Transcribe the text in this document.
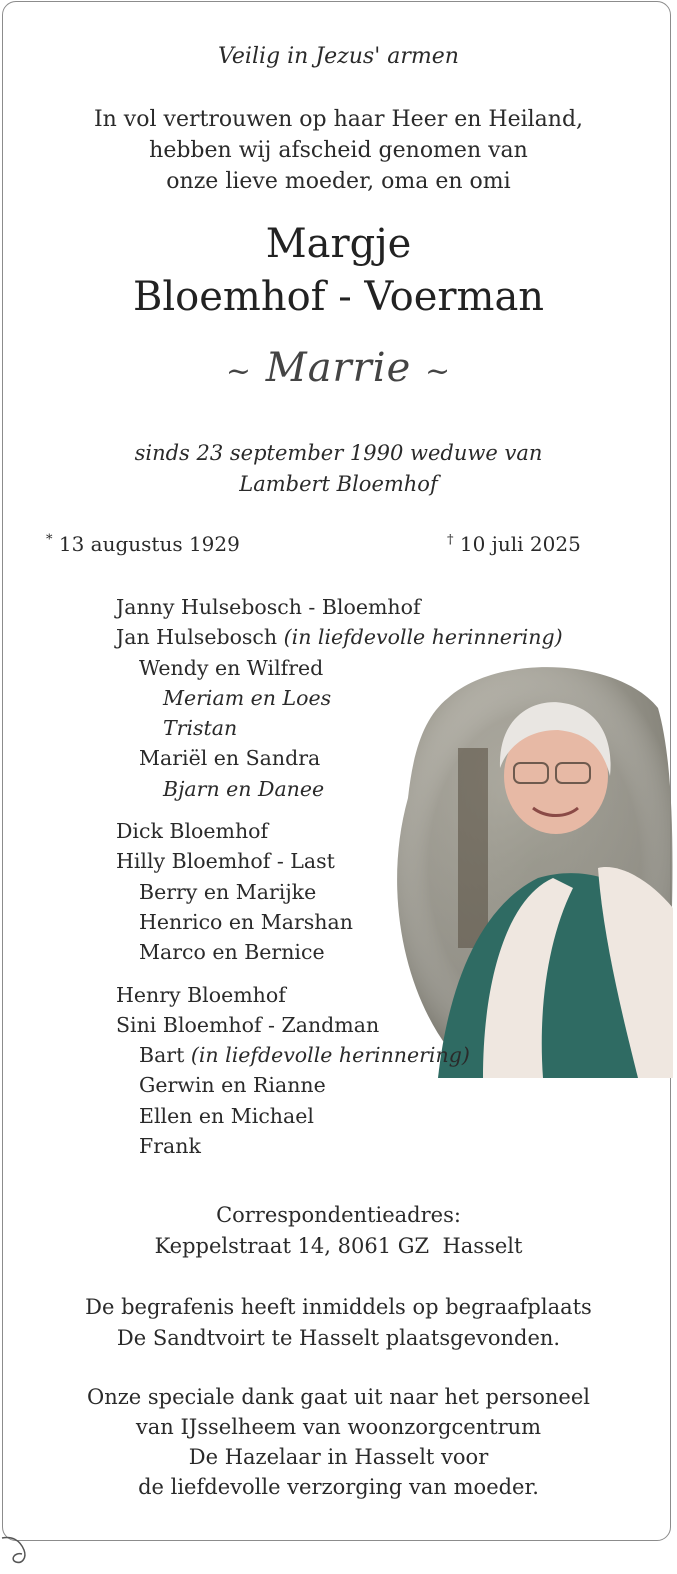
Veilig in Jezus' armen
In vol vertrouwen op haar Heer en Heiland,
hebben wij afscheid genomen van
onze lieve moeder, oma en omi
Margje
Bloemhof - Voerman
~ Marrie ~
sinds 23 september 1990 weduwe van
Lambert Bloemhof
* 13 augustus 1929	† 10 juli 2025
Janny Hulsebosch - Bloemhof
Jan Hulsebosch (in liefdevolle herinnering)
Wendy en Wilfred
Meriam en Loes
Tristan
Mariël en Sandra
Bjarn en Danee
Dick Bloemhof
Hilly Bloemhof - Last
Berry en Marijke
Henrico en Marshan
Marco en Bernice
Henry Bloemhof
Sini Bloemhof - Zandman
Bart (in liefdevolle herinnering)
Gerwin en Rianne
Ellen en Michael
Frank
Correspondentieadres:
Keppelstraat 14, 8061 GZ  Hasselt
De begrafenis heeft inmiddels op begraafplaats
De Sandtvoirt te Hasselt plaatsgevonden.
Onze speciale dank gaat uit naar het personeel
van IJsselheem van woonzorgcentrum
De Hazelaar in Hasselt voor
de liefdevolle verzorging van moeder.
